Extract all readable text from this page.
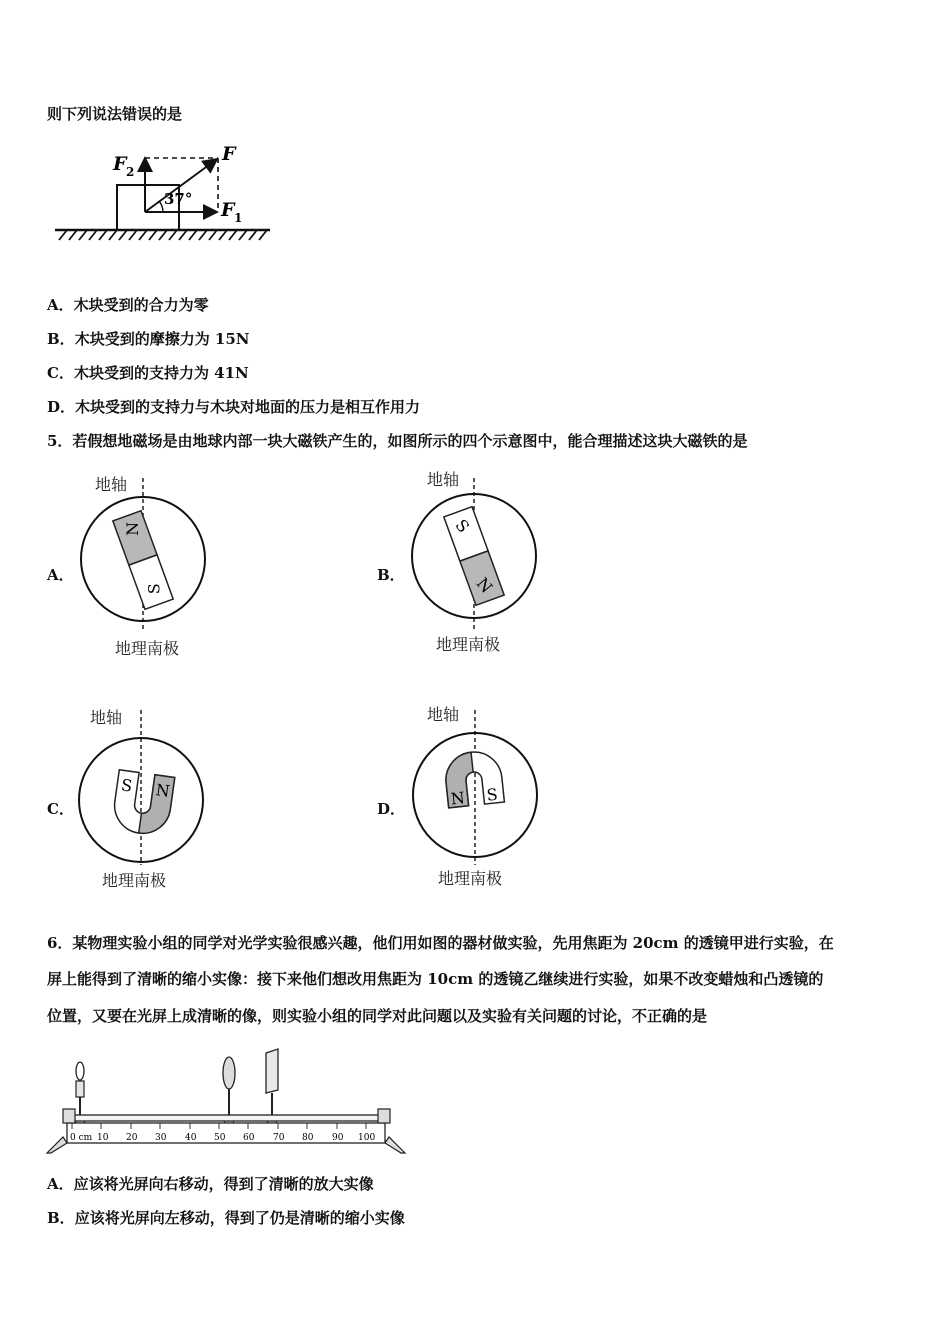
则下列说法错误的是
F 2
F
F 1
37°
A．木块受到的合力为零
B．木块受到的摩擦力为 15N
C．木块受到的支持力为 41N
D．木块受到的支持力与木块对地面的压力是相互作用力
5．若假想地磁场是由地球内部一块大磁铁产生的，如图所示的四个示意图中，能合理描述这块大磁铁的是
A．
地轴
地理南极
N
S
B．
地轴
地理南极
S
N
C．
地轴
地理南极
S N
D．
地轴
地理南极
N S
6．某物理实验小组的同学对光学实验很感兴趣，他们用如图的器材做实验，先用焦距为 20cm 的透镜甲进行实验，在
屏上能得到了清晰的缩小实像：接下来他们想改用焦距为 10cm 的透镜乙继续进行实验，如果不改变蜡烛和凸透镜的
位置，又要在光屏上成清晰的像，则实验小组的同学对此问题以及实验有关问题的讨论，不正确的是
0 cm 10 20 30 40 50 60 70 80 90 100
A．应该将光屏向右移动，得到了清晰的放大实像
B．应该将光屏向左移动，得到了仍是清晰的缩小实像
